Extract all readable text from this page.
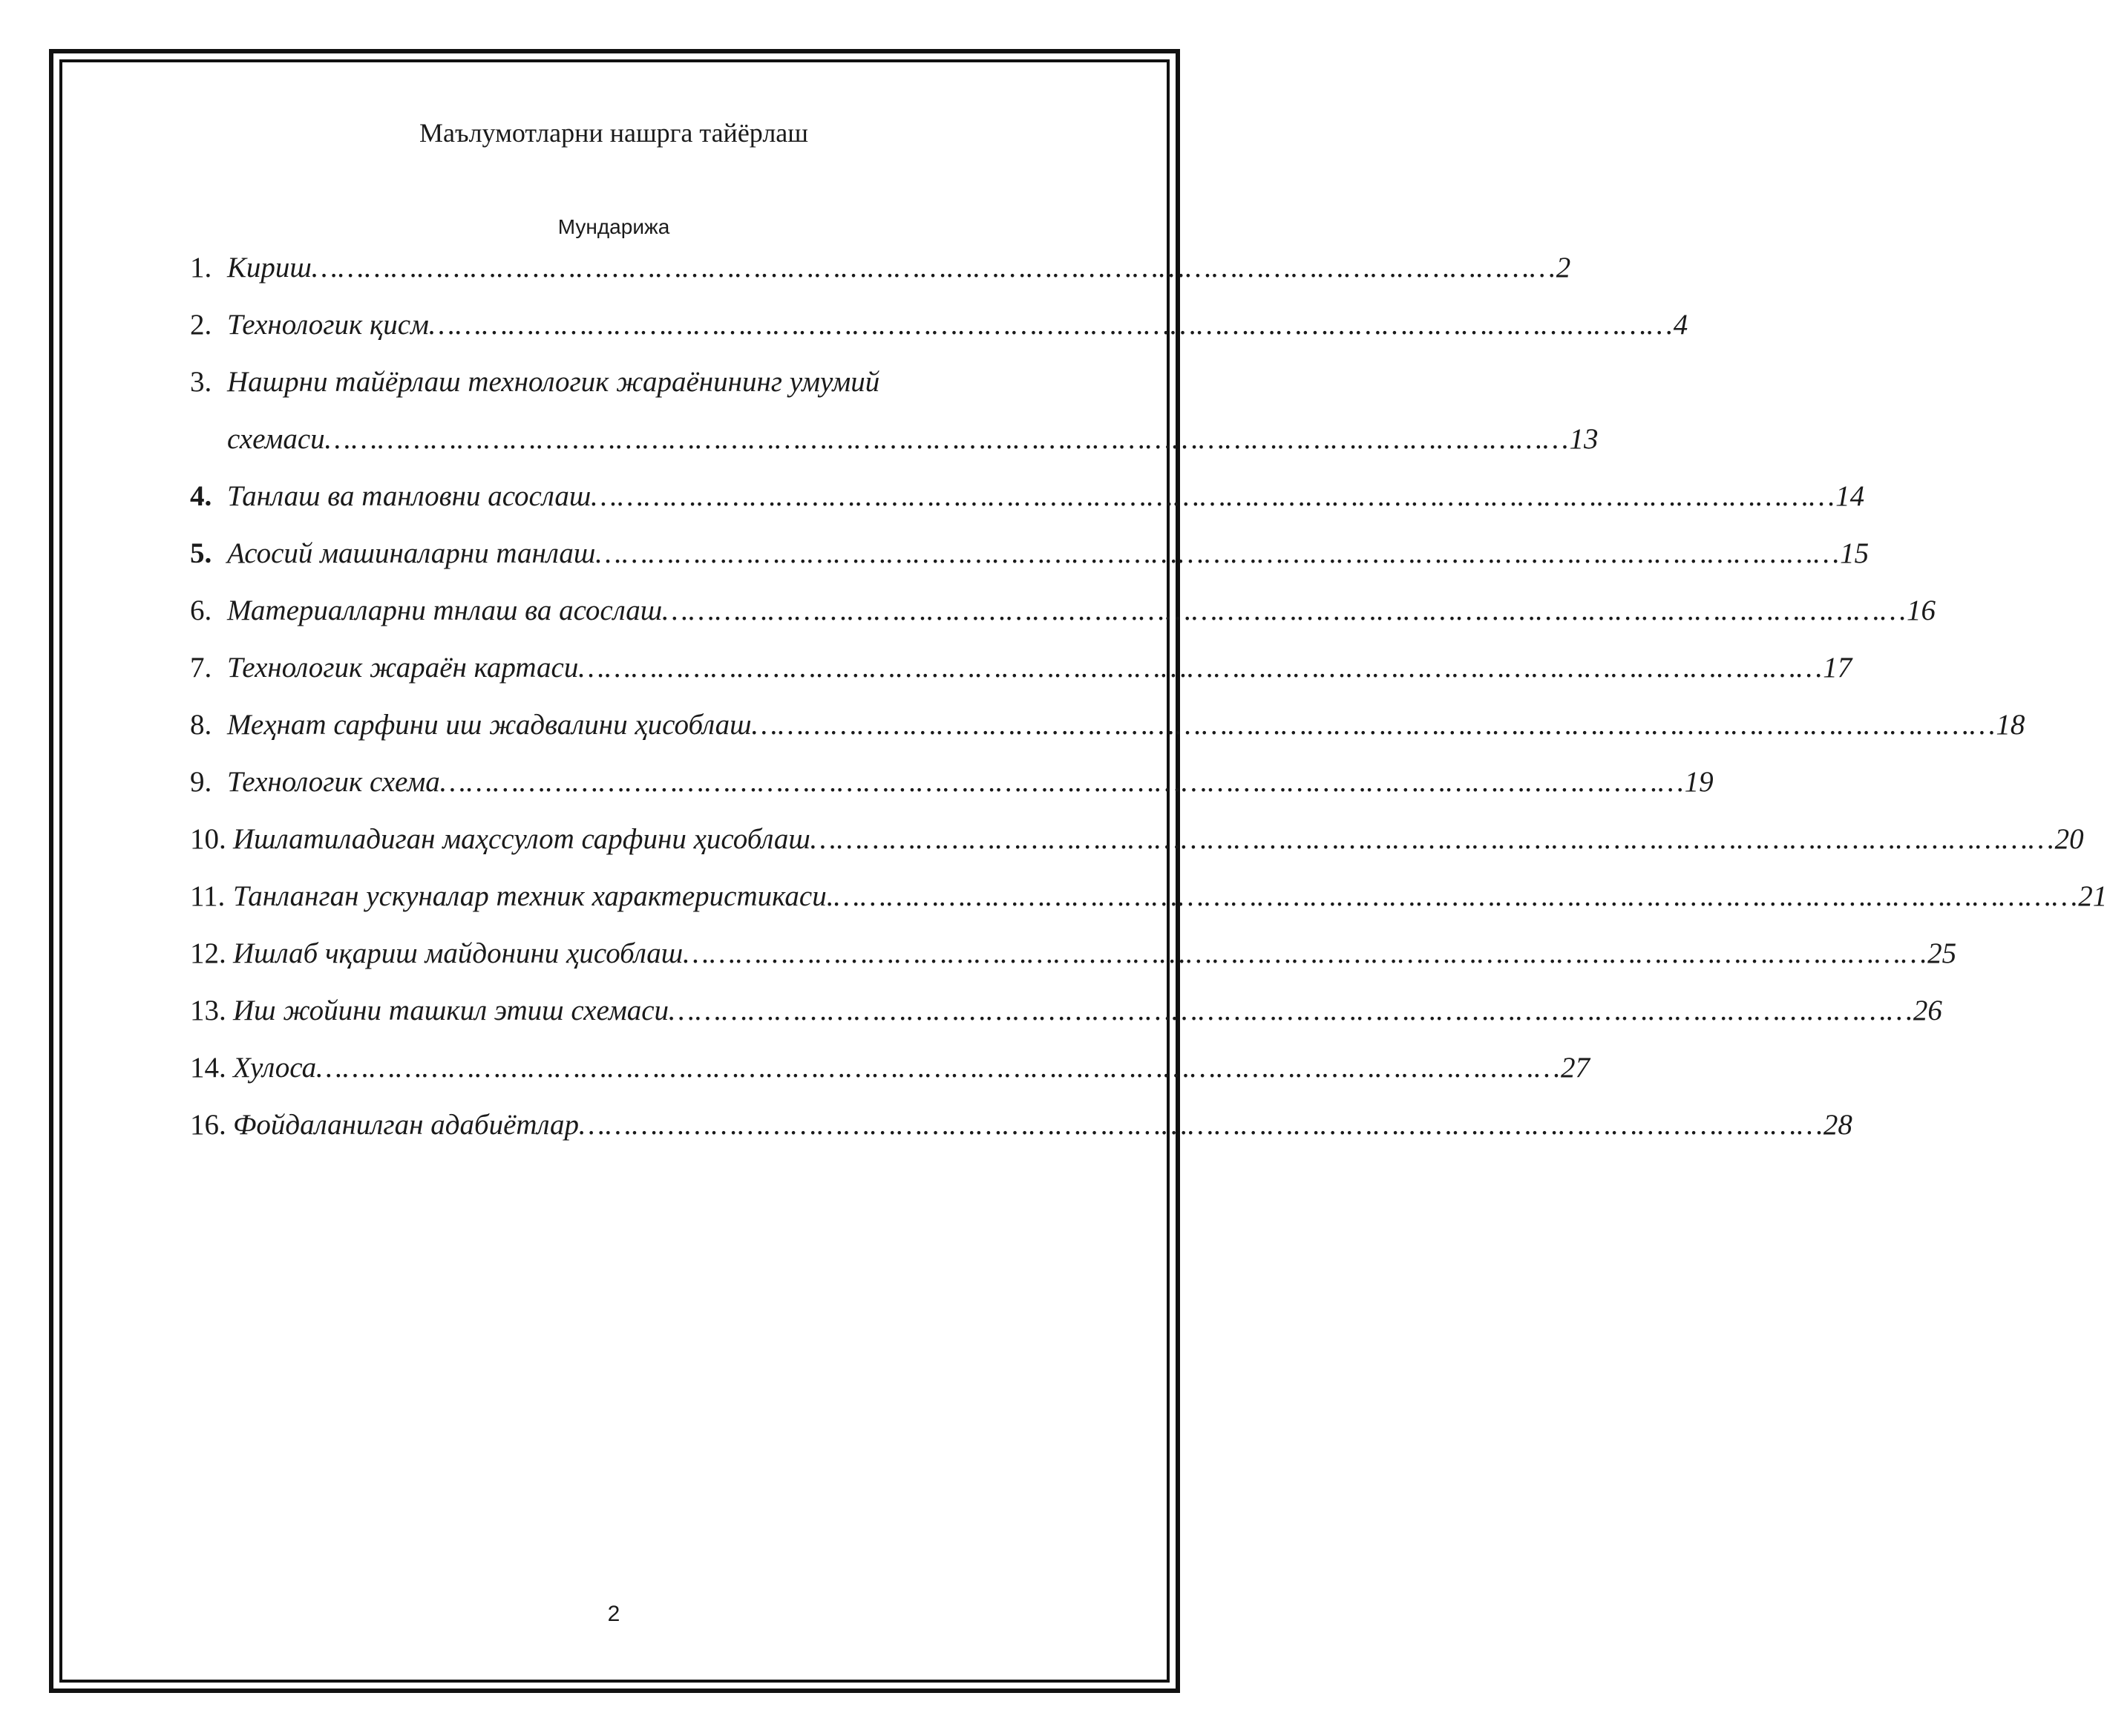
Маълумотларни нашрга тайёрлаш
Мундарижа
1. Кириш …………………………………………………………………………………………………………………………… 2
2. Технологик қисм …………………………………………………………………………………………………………………………… 4
3. Нашрни тайёрлаш технологик жараёнининг умумий
схемаси …………………………………………………………………………………………………………………………… 13
4. Танлаш ва танловни асослаш …………………………………………………………………………………………………………………………… 14
5. Асосий машиналарни танлаш …………………………………………………………………………………………………………………………… 15
6. Материалларни тнлаш ва асослаш …………………………………………………………………………………………………………………………… 16
7. Технологик жараён картаси …………………………………………………………………………………………………………………………… 17
8. Меҳнат сарфини иш жадвалини ҳисоблаш …………………………………………………………………………………………………………………………… 18
9. Технологик схема …………………………………………………………………………………………………………………………… 19
10. Ишлатиладиган маҳссулот сарфини ҳисоблаш …………………………………………………………………………………………………………………………… 20
11. Танланган ускуналар техник характеристикаси. …………………………………………………………………………………………………………………………… 21
12. Ишлаб чқариш майдонини ҳисоблаш …………………………………………………………………………………………………………………………… 25
13. Иш жойини ташкил этиш схемаси …………………………………………………………………………………………………………………………… 26
14. Хулоса …………………………………………………………………………………………………………………………… 27
16. Фойдаланилган адабиётлар …………………………………………………………………………………………………………………………… 28
2
